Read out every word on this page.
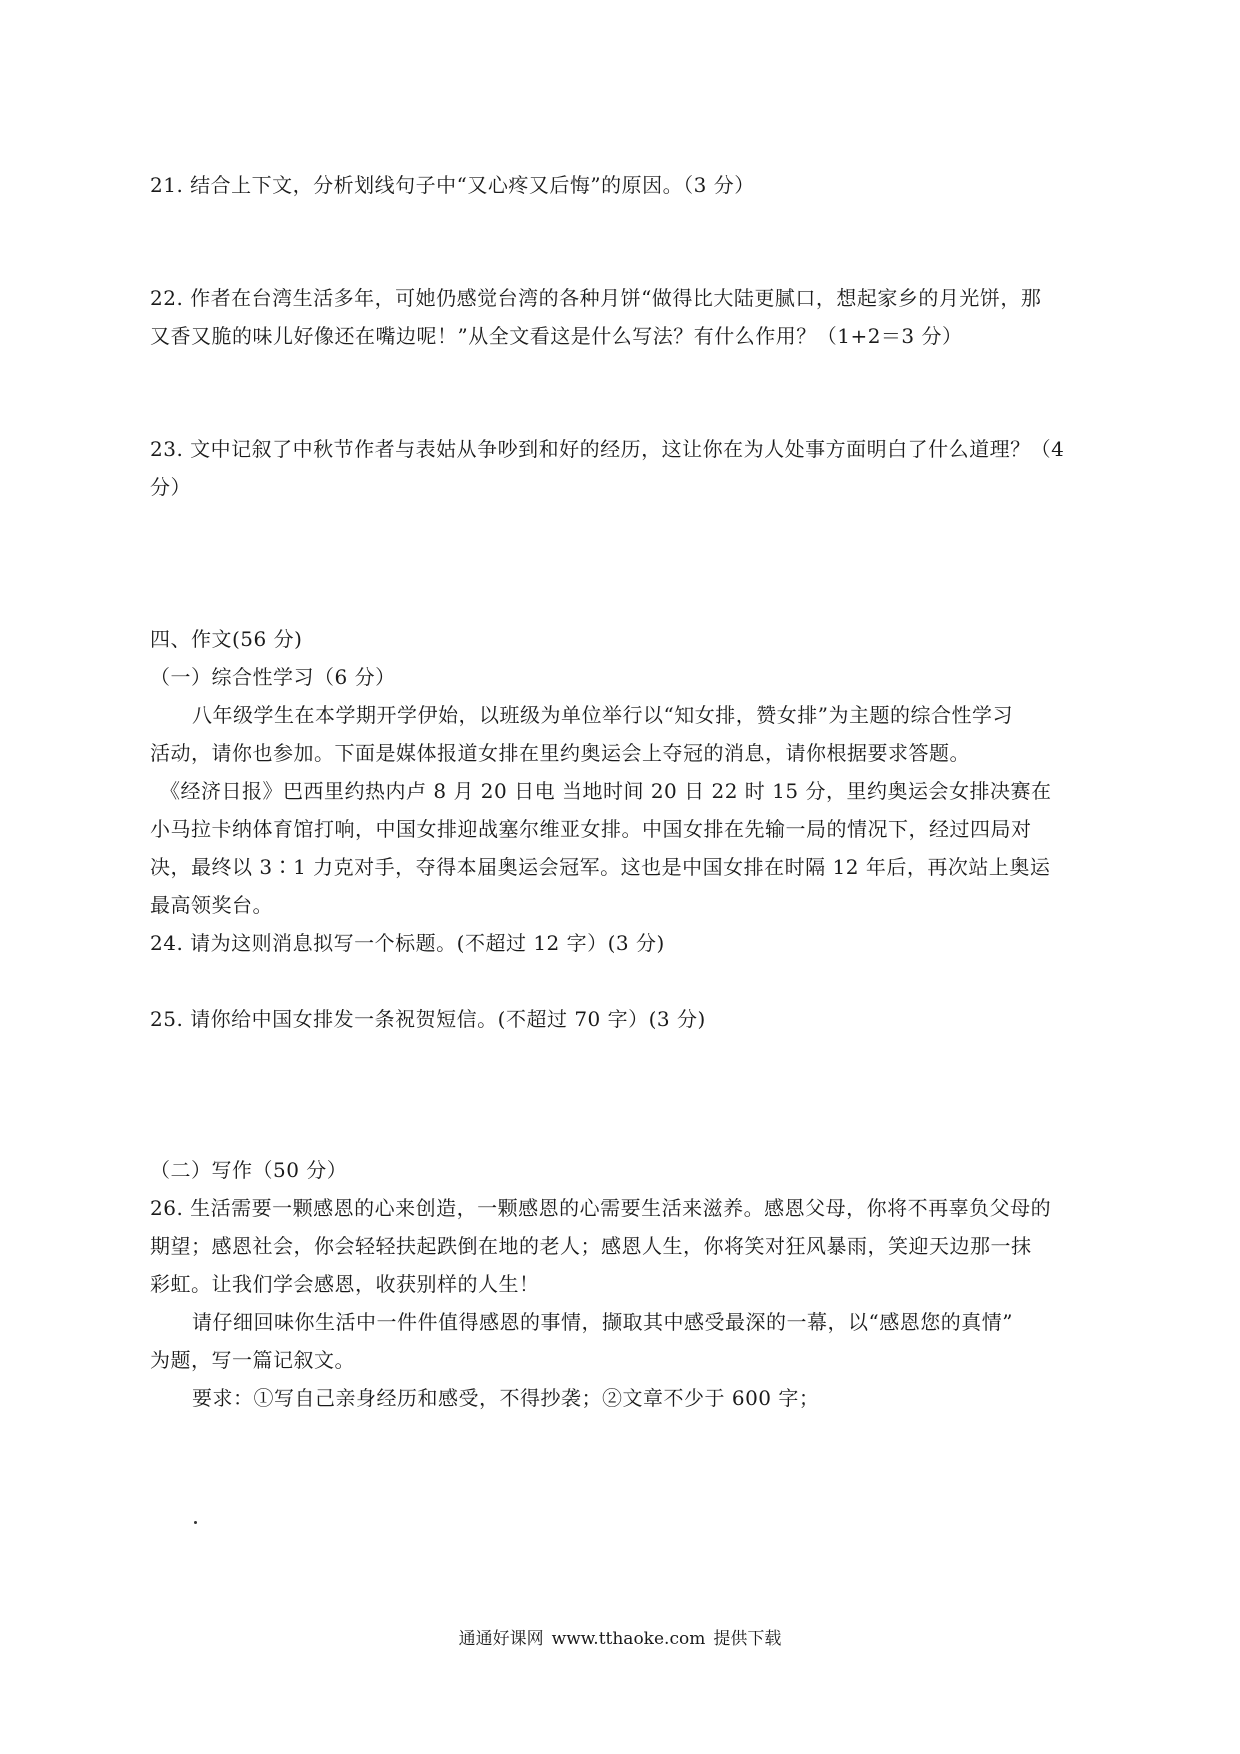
21. 结合上下文，分析划线句子中“又心疼又后悔”的原因。（3 分）
22. 作者在台湾生活多年，可她仍感觉台湾的各种月饼“做得比大陆更腻口，想起家乡的月光饼，那
又香又脆的味儿好像还在嘴边呢！”从全文看这是什么写法？有什么作用？（1+2＝3 分）
23. 文中记叙了中秋节作者与表姑从争吵到和好的经历，这让你在为人处事方面明白了什么道理？（4
分）
四、作文(56 分)
（一）综合性学习（6 分）
八年级学生在本学期开学伊始，以班级为单位举行以“知女排，赞女排”为主题的综合性学习
活动，请你也参加。下面是媒体报道女排在里约奥运会上夺冠的消息，请你根据要求答题。
《经济日报》巴西里约热内卢 8 月 20 日电 当地时间 20 日 22 时 15 分，里约奥运会女排决赛在
小马拉卡纳体育馆打响，中国女排迎战塞尔维亚女排。中国女排在先输一局的情况下，经过四局对
决，最终以 3∶1 力克对手，夺得本届奥运会冠军。这也是中国女排在时隔 12 年后，再次站上奥运
最高领奖台。
24. 请为这则消息拟写一个标题。(不超过 12 字）(3 分)
25. 请你给中国女排发一条祝贺短信。(不超过 70 字）(3 分)
（二）写作（50 分）
26. 生活需要一颗感恩的心来创造，一颗感恩的心需要生活来滋养。感恩父母，你将不再辜负父母的
期望；感恩社会，你会轻轻扶起跌倒在地的老人；感恩人生，你将笑对狂风暴雨，笑迎天边那一抹
彩虹。让我们学会感恩，收获别样的人生！
请仔细回味你生活中一件件值得感恩的事情，撷取其中感受最深的一幕，以“感恩您的真情”
为题，写一篇记叙文。
要求：①写自己亲身经历和感受，不得抄袭；②文章不少于 600 字；
通通好课网 www.tthaoke.com 提供下载
